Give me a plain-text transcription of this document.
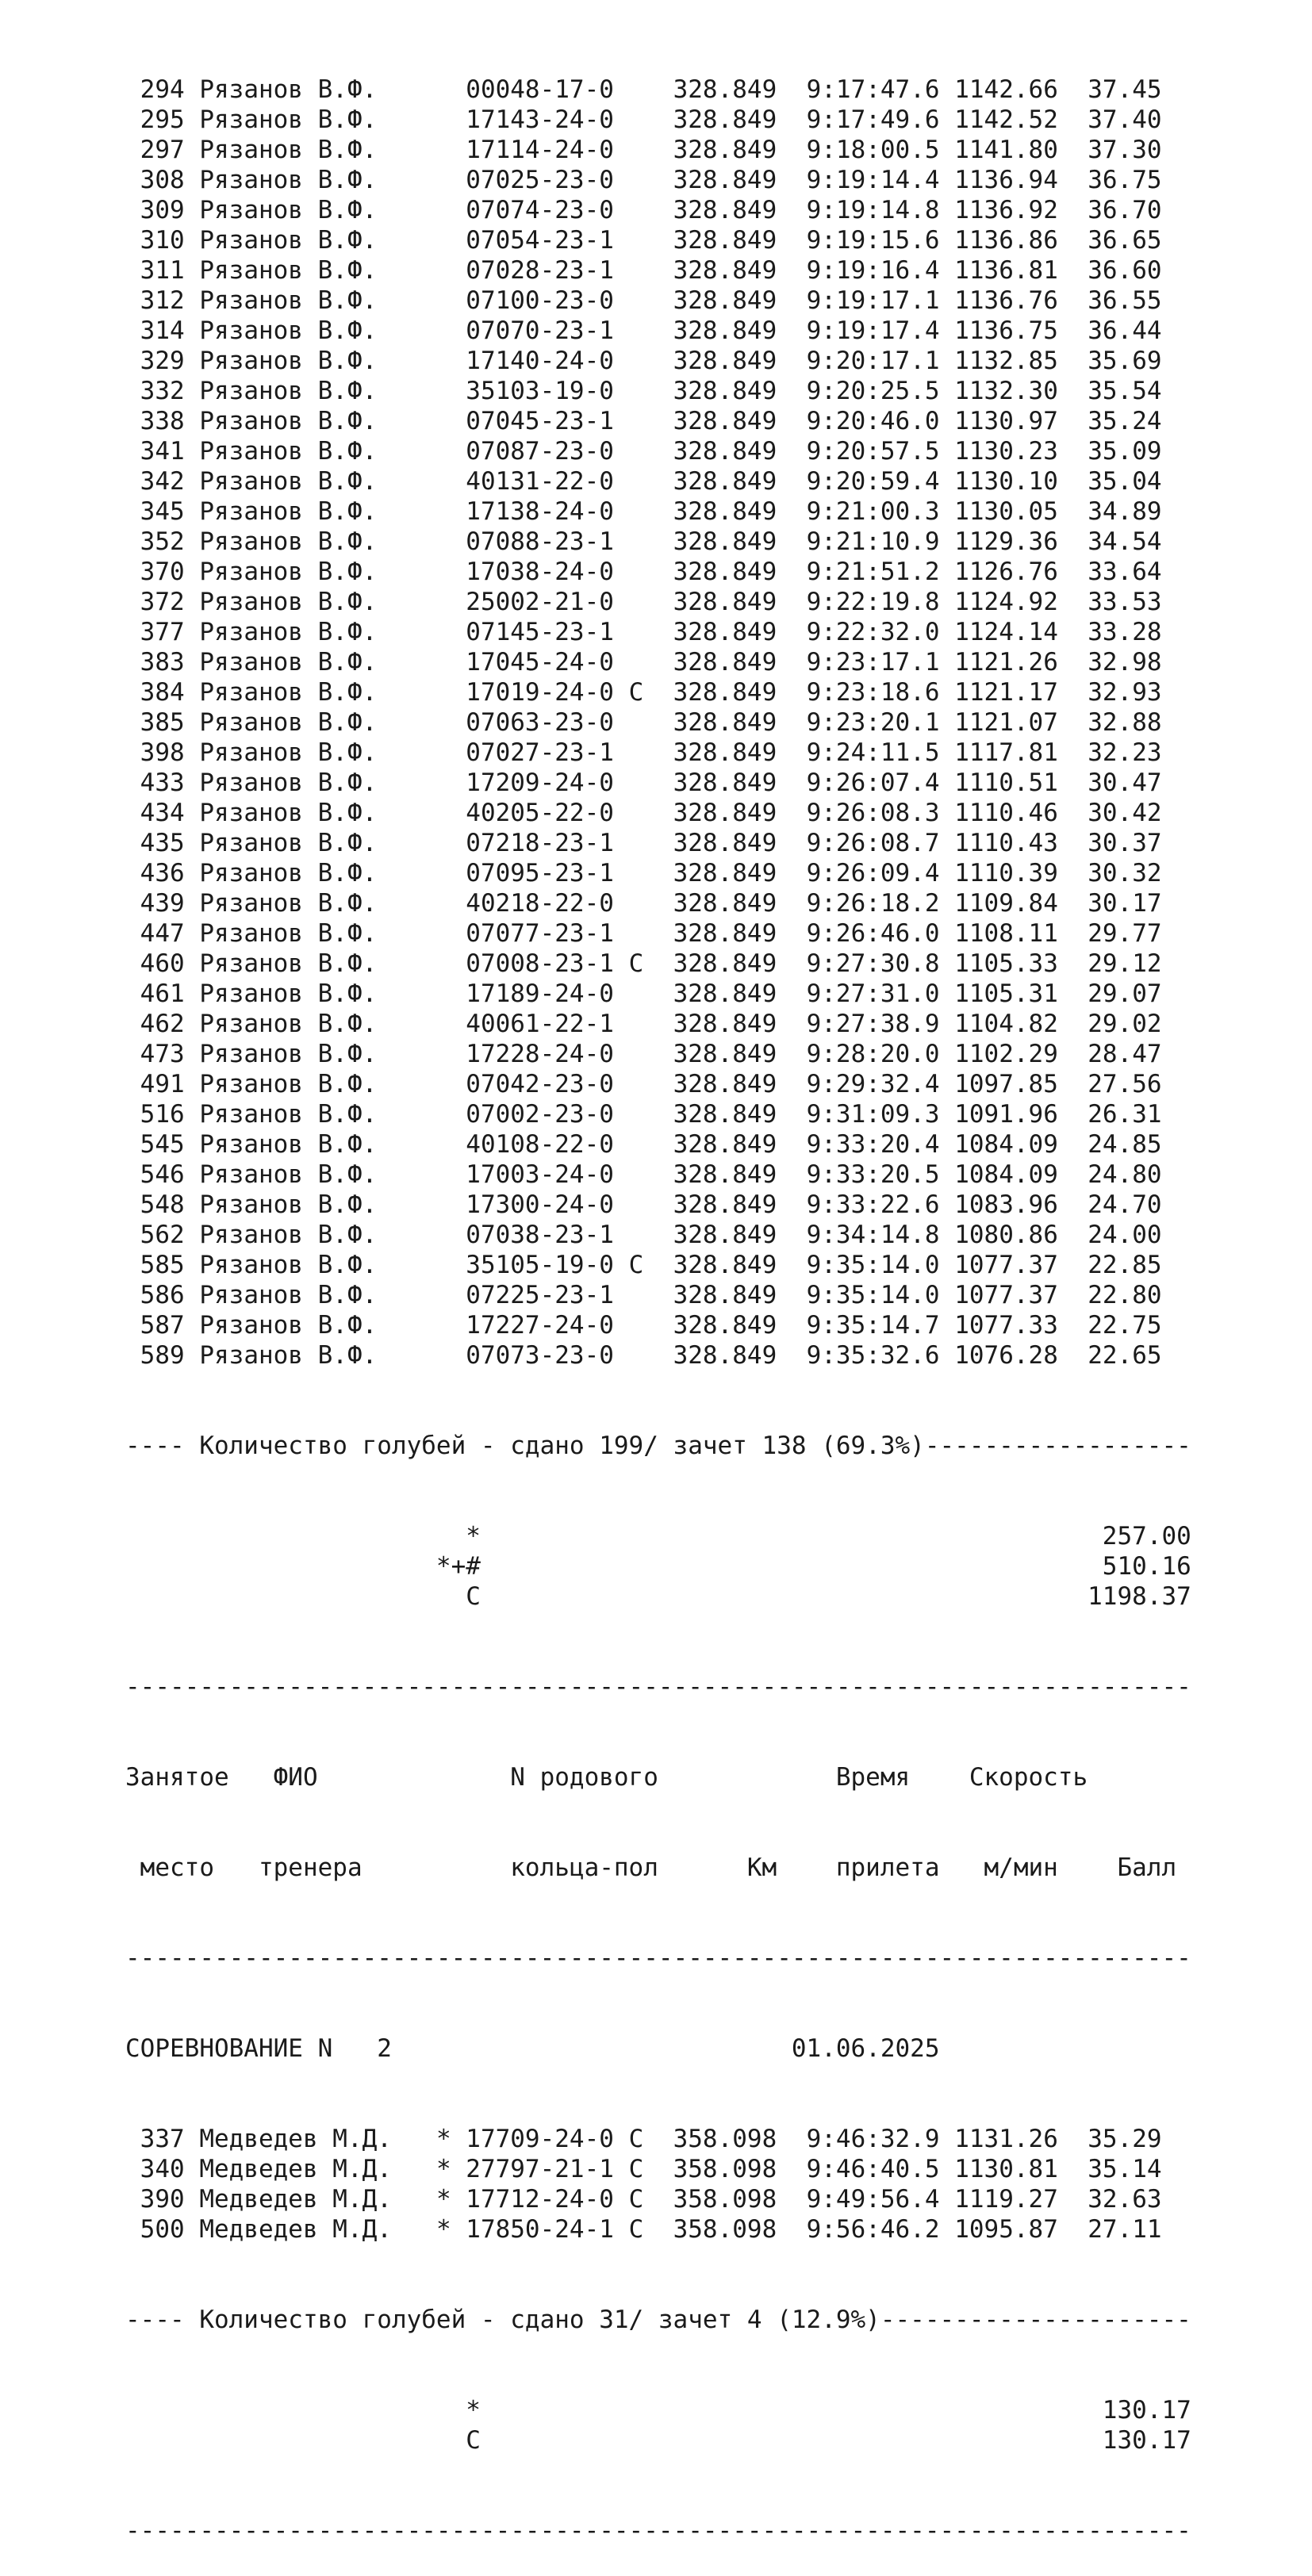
294 Рязанов В.Ф.      00048-17-0 328.849 9:17:47.6 1142.66 37.45
295 Рязанов В.Ф.      17143-24-0 328.849 9:17:49.6 1142.52 37.40
297 Рязанов В.Ф.      17114-24-0 328.849 9:18:00.5 1141.80 37.30
308 Рязанов В.Ф.      07025-23-0 328.849 9:19:14.4 1136.94 36.75
309 Рязанов В.Ф.      07074-23-0 328.849 9:19:14.8 1136.92 36.70
310 Рязанов В.Ф.      07054-23-1 328.849 9:19:15.6 1136.86 36.65
311 Рязанов В.Ф.      07028-23-1 328.849 9:19:16.4 1136.81 36.60
312 Рязанов В.Ф.      07100-23-0 328.849 9:19:17.1 1136.76 36.55
314 Рязанов В.Ф.      07070-23-1 328.849 9:19:17.4 1136.75 36.44
329 Рязанов В.Ф.      17140-24-0 328.849 9:20:17.1 1132.85 35.69
332 Рязанов В.Ф.      35103-19-0 328.849 9:20:25.5 1132.30 35.54
338 Рязанов В.Ф.      07045-23-1 328.849 9:20:46.0 1130.97 35.24
341 Рязанов В.Ф.      07087-23-0 328.849 9:20:57.5 1130.23 35.09
342 Рязанов В.Ф.      40131-22-0 328.849 9:20:59.4 1130.10 35.04
345 Рязанов В.Ф.      17138-24-0 328.849 9:21:00.3 1130.05 34.89
352 Рязанов В.Ф.      07088-23-1 328.849 9:21:10.9 1129.36 34.54
370 Рязанов В.Ф.      17038-24-0 328.849 9:21:51.2 1126.76 33.64
372 Рязанов В.Ф.      25002-21-0 328.849 9:22:19.8 1124.92 33.53
377 Рязанов В.Ф.      07145-23-1 328.849 9:22:32.0 1124.14 33.28
383 Рязанов В.Ф.      17045-24-0 328.849 9:23:17.1 1121.26 32.98
384 Рязанов В.Ф.      17019-24-0 C 328.849 9:23:18.6 1121.17 32.93
385 Рязанов В.Ф.      07063-23-0 328.849 9:23:20.1 1121.07 32.88
398 Рязанов В.Ф.      07027-23-1 328.849 9:24:11.5 1117.81 32.23
433 Рязанов В.Ф.      17209-24-0 328.849 9:26:07.4 1110.51 30.47
434 Рязанов В.Ф.      40205-22-0 328.849 9:26:08.3 1110.46 30.42
435 Рязанов В.Ф.      07218-23-1 328.849 9:26:08.7 1110.43 30.37
436 Рязанов В.Ф.      07095-23-1 328.849 9:26:09.4 1110.39 30.32
439 Рязанов В.Ф.      40218-22-0 328.849 9:26:18.2 1109.84 30.17
447 Рязанов В.Ф.      07077-23-1 328.849 9:26:46.0 1108.11 29.77
460 Рязанов В.Ф.      07008-23-1 C 328.849 9:27:30.8 1105.33 29.12
461 Рязанов В.Ф.      17189-24-0 328.849 9:27:31.0 1105.31 29.07
462 Рязанов В.Ф.      40061-22-1 328.849 9:27:38.9 1104.82 29.02
473 Рязанов В.Ф.      17228-24-0 328.849 9:28:20.0 1102.29 28.47
491 Рязанов В.Ф.      07042-23-0 328.849 9:29:32.4 1097.85 27.56
516 Рязанов В.Ф.      07002-23-0 328.849 9:31:09.3 1091.96 26.31
545 Рязанов В.Ф.      40108-22-0 328.849 9:33:20.4 1084.09 24.85
546 Рязанов В.Ф.      17003-24-0 328.849 9:33:20.5 1084.09 24.80
548 Рязанов В.Ф.      17300-24-0 328.849 9:33:22.6 1083.96 24.70
562 Рязанов В.Ф.      07038-23-1 328.849 9:34:14.8 1080.86 24.00
585 Рязанов В.Ф.      35105-19-0 C 328.849 9:35:14.0 1077.37 22.85
586 Рязанов В.Ф.      07225-23-1 328.849 9:35:14.0 1077.37 22.80
587 Рязанов В.Ф.      17227-24-0 328.849 9:35:14.7 1077.33 22.75
589 Рязанов В.Ф.      07073-23-0 328.849 9:35:32.6 1076.28 22.65

---- Количество голубей - сдано 199/ зачет 138 (69.3%)------------------

*                                          257.00
*+#                                          510.16
C                                         1198.37

------------------------------------------------------------------------

Занятое   ФИО             N родового            Время    Скорость

место   тренера          кольца-пол      Км    прилета   м/мин    Балл

------------------------------------------------------------------------

СОРЕВНОВАНИЕ N   2	01.06.2025

337 Медведев М.Д.   * 17709-24-0 C 358.098 9:46:32.9 1131.26 35.29
340 Медведев М.Д.   * 27797-21-1 C 358.098 9:46:40.5 1130.81 35.14
390 Медведев М.Д.   * 17712-24-0 C 358.098 9:49:56.4 1119.27 32.63
500 Медведев М.Д.   * 17850-24-1 C 358.098 9:56:46.2 1095.87 27.11

---- Количество голубей - сдано 31/ зачет 4 (12.9%)---------------------

*                                          130.17
C                                          130.17

------------------------------------------------------------------------
